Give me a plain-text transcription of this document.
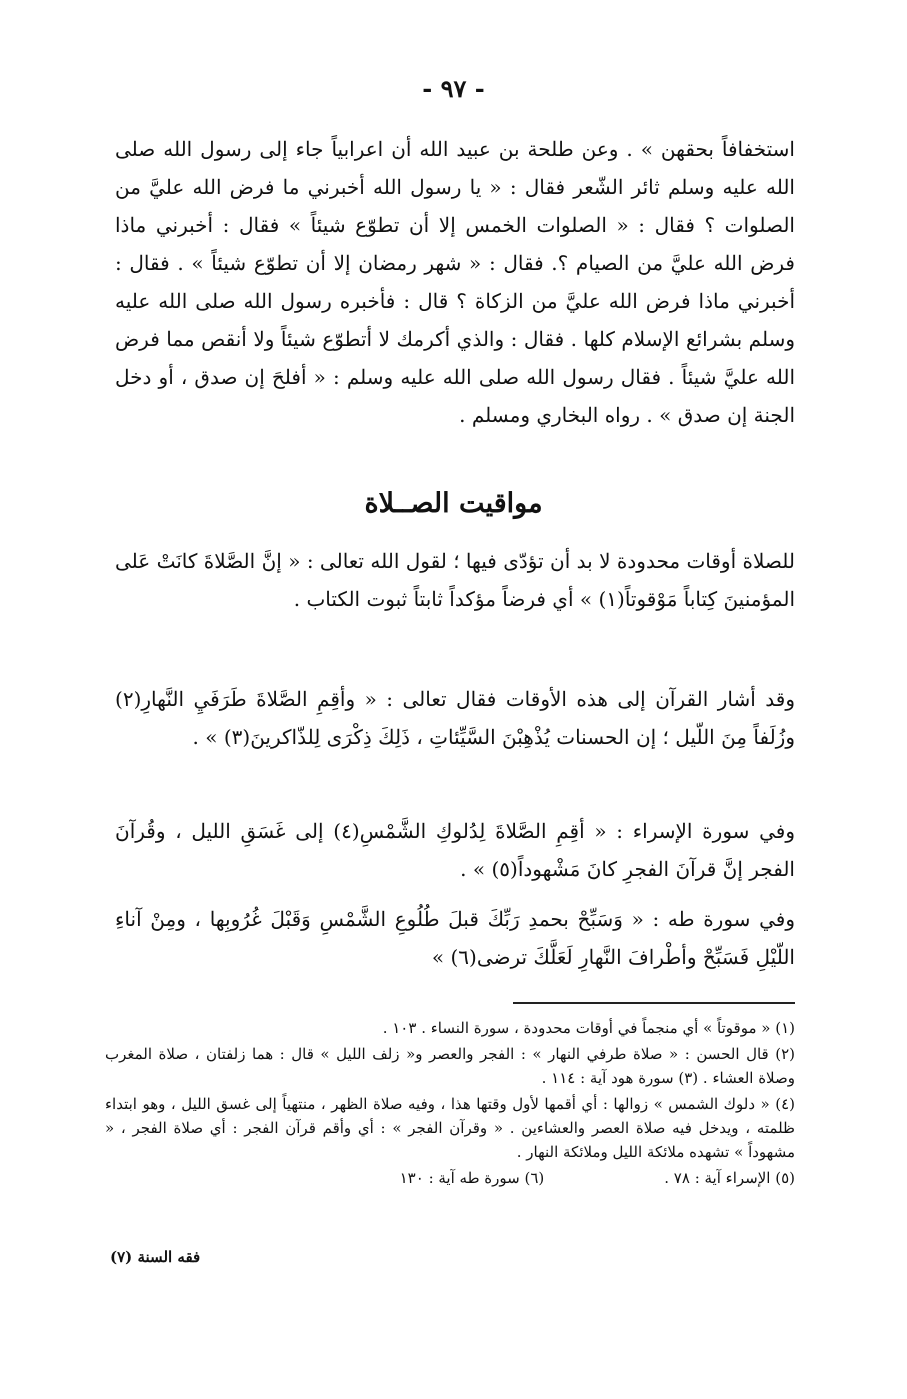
- ٩٧ -

استخفافاً بحقهن » . وعن طلحة بن عبيد الله أن اعرابياً جاء إلى رسول الله صلى الله عليه وسلم ثائر الشّعر فقال : « يا رسول الله أخبرني ما فرض الله عليَّ من الصلوات ؟ فقال : « الصلوات الخمس إلا أن تطوّع شيئاً » فقال : أخبرني ماذا فرض الله عليَّ من الصيام ؟. فقال : « شهر رمضان إلا أن تطوّع شيئاً » . فقال : أخبرني ماذا فرض الله عليَّ من الزكاة ؟ قال : فأخبره رسول الله صلى الله عليه وسلم بشرائع الإسلام كلها . فقال : والذي أكرمك لا أتطوّع شيئاً ولا أنقص مما فرض الله عليَّ شيئاً . فقال رسول الله صلى الله عليه وسلم : « أفلحَ إن صدق ، أو دخل الجنة إن صدق » . رواه البخاري ومسلم .

مواقيت الصــلاة

للصلاة أوقات محدودة لا بد أن تؤدّى فيها ؛ لقول الله تعالى : « إنَّ الصَّلاةَ كانَتْ عَلى المؤمنينَ كِتاباً مَوْقوتاً(١) » أي فرضاً مؤكداً ثابتاً ثبوت الكتاب .

وقد أشار القرآن إلى هذه الأوقات فقال تعالى : « وأقِمِ الصَّلاةَ طَرَفَيِ النَّهارِ(٢) وزُلَفاً مِنَ اللّيل ؛ إن الحسنات يُذْهِبْنَ السَّيِّئاتِ ، ذَلِكَ ذِكْرَى لِلذّاكرينَ(٣) » .

وفي سورة الإسراء : « أقِمِ الصَّلاةَ لِدُلوكِ الشَّمْسِ(٤) إلى غَسَقِ الليل ، وقُرآنَ الفجر إنَّ قرآنَ الفجرِ كانَ مَشْهوداً(٥) » .

وفي سورة طه : « وَسَبِّحْ بحمدِ رَبِّكَ قبلَ طُلُوعِ الشَّمْسِ وَقَبْلَ غُرُوبِها ، ومِنْ آناءِ اللّيْلِ فَسَبِّحْ وأطْرافَ النَّهارِ لَعَلَّكَ ترضى(٦) »

(١) « موقوتاً » أي منجماً في أوقات محدودة ، سورة النساء . ١٠٣ .

(٢) قال الحسن : « صلاة طرفي النهار » : الفجر والعصر و« زلف الليل » قال : هما زلفتان ، صلاة المغرب وصلاة العشاء . (٣) سورة هود آية : ١١٤ .

(٤) « دلوك الشمس » زوالها : أي أقمها لأول وقتها هذا ، وفيه صلاة الظهر ، منتهياً إلى غسق الليل ، وهو ابتداء ظلمته ، ويدخل فيه صلاة العصر والعشاءين . « وقرآن الفجر » : أي وأقم قرآن الفجر : أي صلاة الفجر ، « مشهوداً » تشهده ملائكة الليل وملائكة النهار .

(٥) الإسراء آية : ٧٨ .
(٦) سورة طه آية : ١٣٠
فقه السنة (٧)
